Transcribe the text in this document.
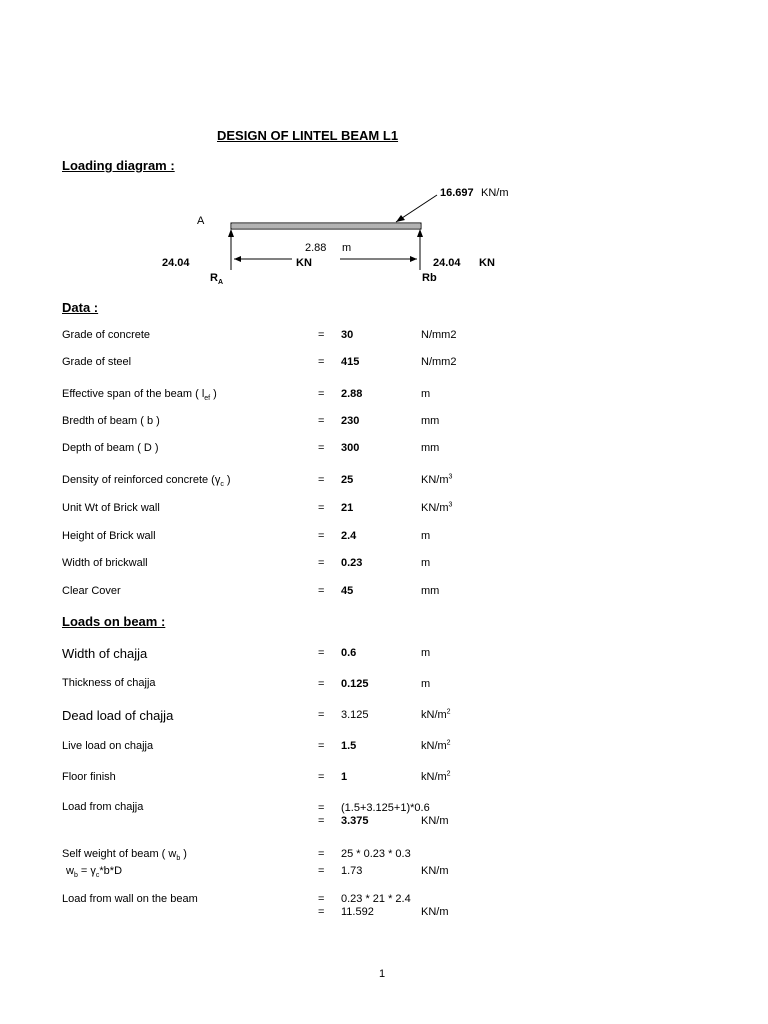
DESIGN OF LINTEL BEAM L1
Loading diagram :
16.697 KN/m
A
2.88 m
24.04	KN	24.04 KN
$R_A$	Rb
Data :
Grade of concrete	= 30	N/mm2
Grade of steel	= 415	N/mm2
Effective span of the beam ( $l_{ef}$ )	= 2.88	m
Bredth of beam ( b )	= 230	mm
Depth of beam ( D )	= 300	mm
Density of reinforced concrete ($\gamma_c$ )	= 25	$KN/m^3$
Unit Wt of Brick wall	= 21	$KN/m^3$
Height of Brick wall	= 2.4	m
Width of brickwall	= 0.23	m
Clear Cover	= 45	mm
Loads on beam :
Width of chajja	= 0.6	m
Thickness of chajja	= 0.125	m
Dead load of chajja	= 3.125	$kN/m^2$
Live load on chajja	= 1.5	$kN/m^2$
Floor finish	= 1	$kN/m^2$
Load from chajja	= (1.5+3.125+1)*0.6
= 3.375	KN/m
Self weight of beam ( $w_b$ )	= 25 * 0.23 * 0.3
$w_b = \gamma_c*b*D$	= 1.73	KN/m
Load from wall on the beam	= 0.23 * 21 * 2.4
= 11.592	KN/m
1
